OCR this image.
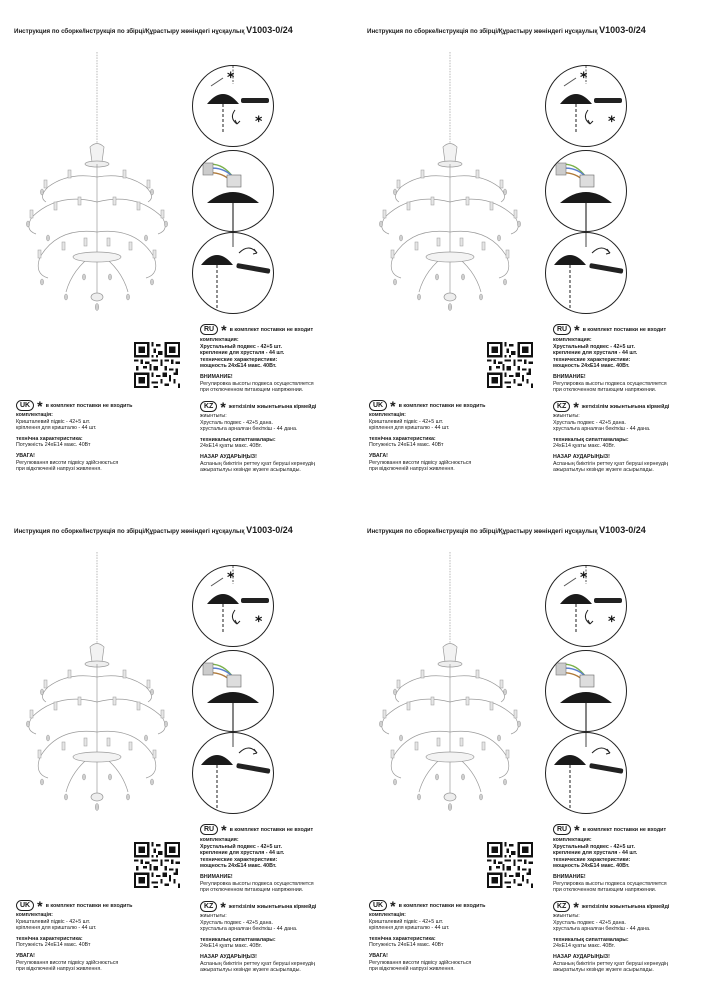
Инструкция по сборке/Інструкція по збірці/Құрастыру жөніндегі нұсқаулық V1003-0/24
*
*
RU * в комплект поставки не входит
комплектация:
Хрустальный подвес - 42+5 шт.
крепление для хрусталя - 44 шт.
технические характеристики:
мощность 24хЕ14 макс. 40Вт.
ВНИМАНИЕ!
Регулировка высоты подвеса осуществляется
при отключенном питающем напряжении.
UK * в комплект поставки не входить
комплектація:
Кришталевий підвіс - 42+5 шт.
кріплення для кришталю - 44 шт.
технічна характеристика:
Потужність 24хЕ14 макс. 40Вт
УВАГА!
Регулювання висоти підвісу здійснюється
при відключеній напрузі живлення.
KZ * жеткізілім жиынтығына кірмейді
жиынтығы:
Хрусталь подвес - 42+5 дана.
хрустальға арналған бекіткіш - 44 дана.
техникалық сипаттамалары:
24хЕ14 қуаты макс. 40Вт.
НАЗАР АУДАРЫҢЫЗ!
Аспаның биіктігін реттеу қуат беруші кернеудің
ажыратылуы кезінде жүзеге асырылады.
Инструкция по сборке/Інструкція по збірці/Құрастыру жөніндегі нұсқаулық V1003-0/24
*
*
RU * в комплект поставки не входит
комплектация:
Хрустальный подвес - 42+5 шт.
крепление для хрусталя - 44 шт.
технические характеристики:
мощность 24хЕ14 макс. 40Вт.
ВНИМАНИЕ!
Регулировка высоты подвеса осуществляется
при отключенном питающем напряжении.
UK * в комплект поставки не входить
комплектація:
Кришталевий підвіс - 42+5 шт.
кріплення для кришталю - 44 шт.
технічна характеристика:
Потужність 24хЕ14 макс. 40Вт
УВАГА!
Регулювання висоти підвісу здійснюється
при відключеній напрузі живлення.
KZ * жеткізілім жиынтығына кірмейді
жиынтығы:
Хрусталь подвес - 42+5 дана.
хрустальға арналған бекіткіш - 44 дана.
техникалық сипаттамалары:
24хЕ14 қуаты макс. 40Вт.
НАЗАР АУДАРЫҢЫЗ!
Аспаның биіктігін реттеу қуат беруші кернеудің
ажыратылуы кезінде жүзеге асырылады.
Инструкция по сборке/Інструкція по збірці/Құрастыру жөніндегі нұсқаулық V1003-0/24
*
*
RU * в комплект поставки не входит
комплектация:
Хрустальный подвес - 42+5 шт.
крепление для хрусталя - 44 шт.
технические характеристики:
мощность 24хЕ14 макс. 40Вт.
ВНИМАНИЕ!
Регулировка высоты подвеса осуществляется
при отключенном питающем напряжении.
UK * в комплект поставки не входить
комплектація:
Кришталевий підвіс - 42+5 шт.
кріплення для кришталю - 44 шт.
технічна характеристика:
Потужність 24хЕ14 макс. 40Вт
УВАГА!
Регулювання висоти підвісу здійснюється
при відключеній напрузі живлення.
KZ * жеткізілім жиынтығына кірмейді
жиынтығы:
Хрусталь подвес - 42+5 дана.
хрустальға арналған бекіткіш - 44 дана.
техникалық сипаттамалары:
24хЕ14 қуаты макс. 40Вт.
НАЗАР АУДАРЫҢЫЗ!
Аспаның биіктігін реттеу қуат беруші кернеудің
ажыратылуы кезінде жүзеге асырылады.
Инструкция по сборке/Інструкція по збірці/Құрастыру жөніндегі нұсқаулық V1003-0/24
*
*
RU * в комплект поставки не входит
комплектация:
Хрустальный подвес - 42+5 шт.
крепление для хрусталя - 44 шт.
технические характеристики:
мощность 24хЕ14 макс. 40Вт.
ВНИМАНИЕ!
Регулировка высоты подвеса осуществляется
при отключенном питающем напряжении.
UK * в комплект поставки не входить
комплектація:
Кришталевий підвіс - 42+5 шт.
кріплення для кришталю - 44 шт.
технічна характеристика:
Потужність 24хЕ14 макс. 40Вт
УВАГА!
Регулювання висоти підвісу здійснюється
при відключеній напрузі живлення.
KZ * жеткізілім жиынтығына кірмейді
жиынтығы:
Хрусталь подвес - 42+5 дана.
хрустальға арналған бекіткіш - 44 дана.
техникалық сипаттамалары:
24хЕ14 қуаты макс. 40Вт.
НАЗАР АУДАРЫҢЫЗ!
Аспаның биіктігін реттеу қуат беруші кернеудің
ажыратылуы кезінде жүзеге асырылады.
